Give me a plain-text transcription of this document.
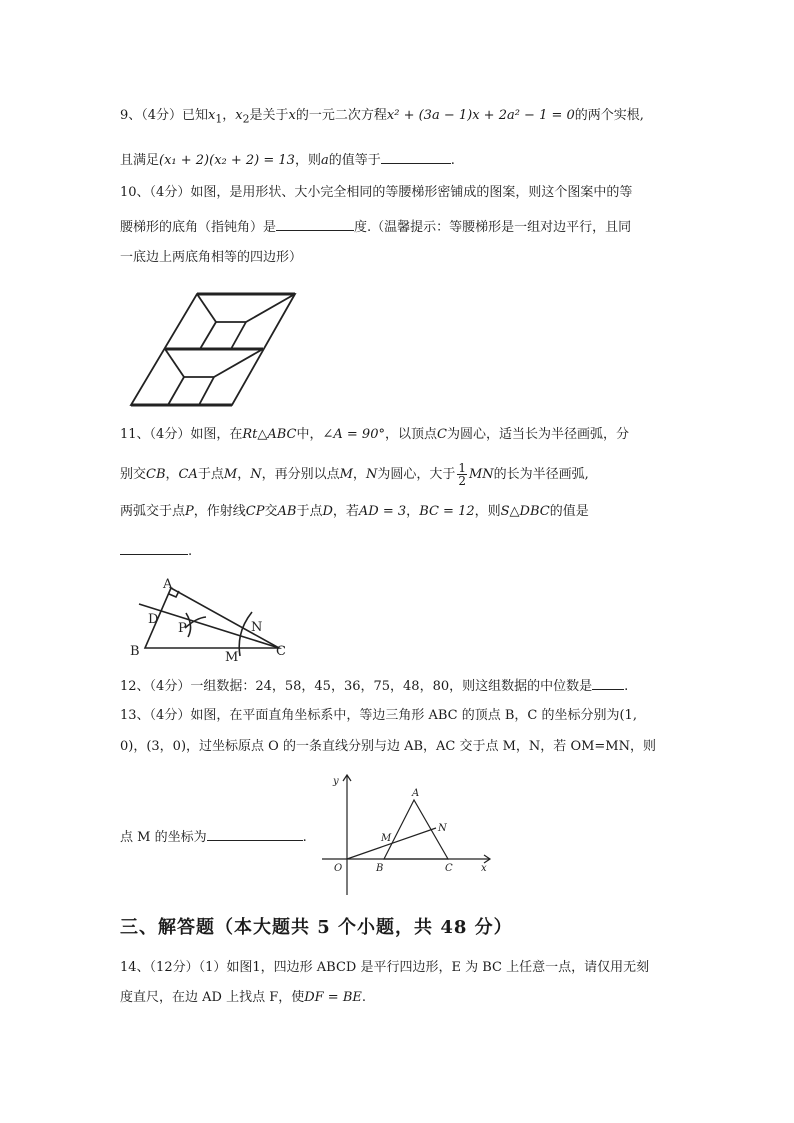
9、（4分）已知$x_1$，$x_2$是关于x的一元二次方程x² + (3a − 1)x + 2a² − 1 = 0的两个实根,
且满足(x₁ + 2)(x₂ + 2) = 13，则a的值等于	.
10、（4分）如图，是用形状、大小完全相同的等腰梯形密铺成的图案，则这个图案中的等
腰梯形的底角（指钝角）是	度.（温馨提示：等腰梯形是一组对边平行，且同
一底边上两底角相等的四边形）
11、（4分）如图，在Rt△ABC中，∠A = 90°，以顶点C为圆心，适当长为半径画弧，分
别交CB，CA于点M，N，再分别以点M，N为圆心，大于 $\frac{1}{2}$ MN的长为半径画弧,
两弧交于点P，作射线CP交AB于点D，若AD = 3，BC = 12，则S△DBC的值是
.
A
D
P
B	C
M
N
12、（4分）一组数据：24，58，45，36，75，48，80，则这组数据的中位数是 .
13、（4分）如图，在平面直角坐标系中，等边三角形 ABC 的顶点 B，C 的坐标分别为(1,
0)，(3，0)，过坐标原点 O 的一条直线分别与边 AB，AC 交于点 M，N，若 OM=MN，则
点 M 的坐标为	.
y
A
M
N
O	B	C	x
三、解答题（本大题共 5 个小题，共 48 分）
14、（12分）（1）如图1，四边形 ABCD 是平行四边形，E 为 BC 上任意一点，请仅用无刻
度直尺，在边 AD 上找点 F，使DF = BE.
